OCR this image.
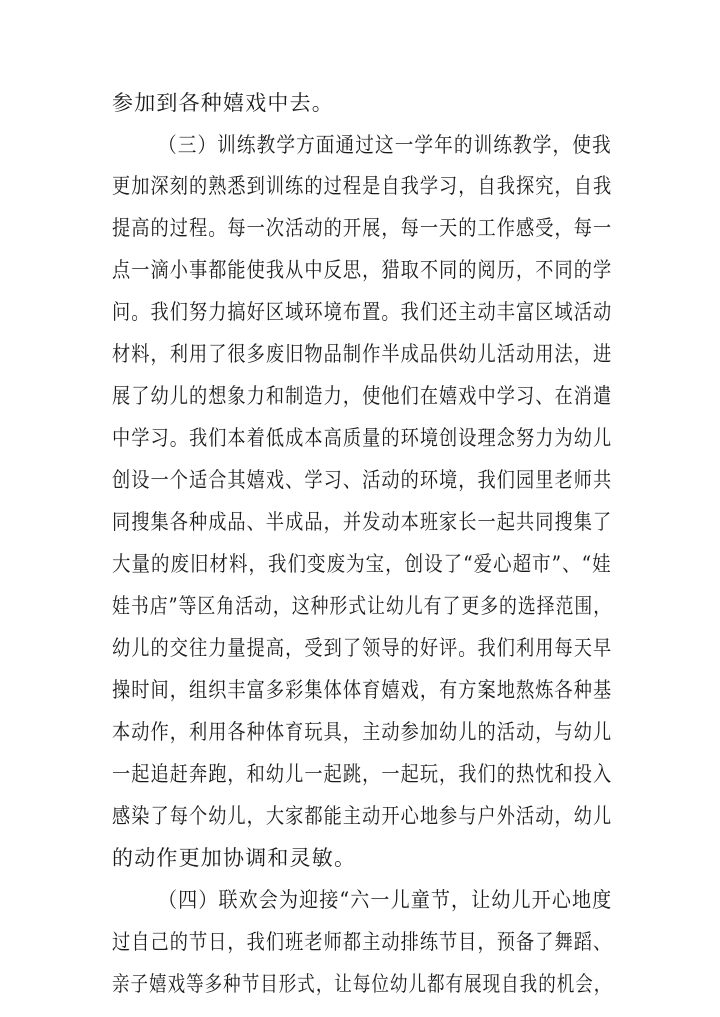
参加到各种嬉戏中去。
（三）训练教学方面通过这一学年的训练教学，使我
更加深刻的熟悉到训练的过程是自我学习，自我探究，自我
提高的过程。每一次活动的开展，每一天的工作感受，每一
点一滴小事都能使我从中反思，猎取不同的阅历，不同的学
问。我们努力搞好区域环境布置。我们还主动丰富区域活动
材料，利用了很多废旧物品制作半成品供幼儿活动用法，进
展了幼儿的想象力和制造力，使他们在嬉戏中学习、在消遣
中学习。我们本着低成本高质量的环境创设理念努力为幼儿
创设一个适合其嬉戏、学习、活动的环境，我们园里老师共
同搜集各种成品、半成品，并发动本班家长一起共同搜集了
大量的废旧材料，我们变废为宝，创设了“爱心超市”、“娃
娃书店”等区角活动，这种形式让幼儿有了更多的选择范围，
幼儿的交往力量提高，受到了领导的好评。我们利用每天早
操时间，组织丰富多彩集体体育嬉戏，有方案地熬炼各种基
本动作，利用各种体育玩具，主动参加幼儿的活动，与幼儿
一起追赶奔跑，和幼儿一起跳，一起玩，我们的热忱和投入
感染了每个幼儿，大家都能主动开心地参与户外活动，幼儿
的动作更加协调和灵敏。
（四）联欢会为迎接“六一儿童节，让幼儿开心地度
过自己的节日，我们班老师都主动排练节目，预备了舞蹈、
亲子嬉戏等多种节目形式，让每位幼儿都有展现自我的机会，
